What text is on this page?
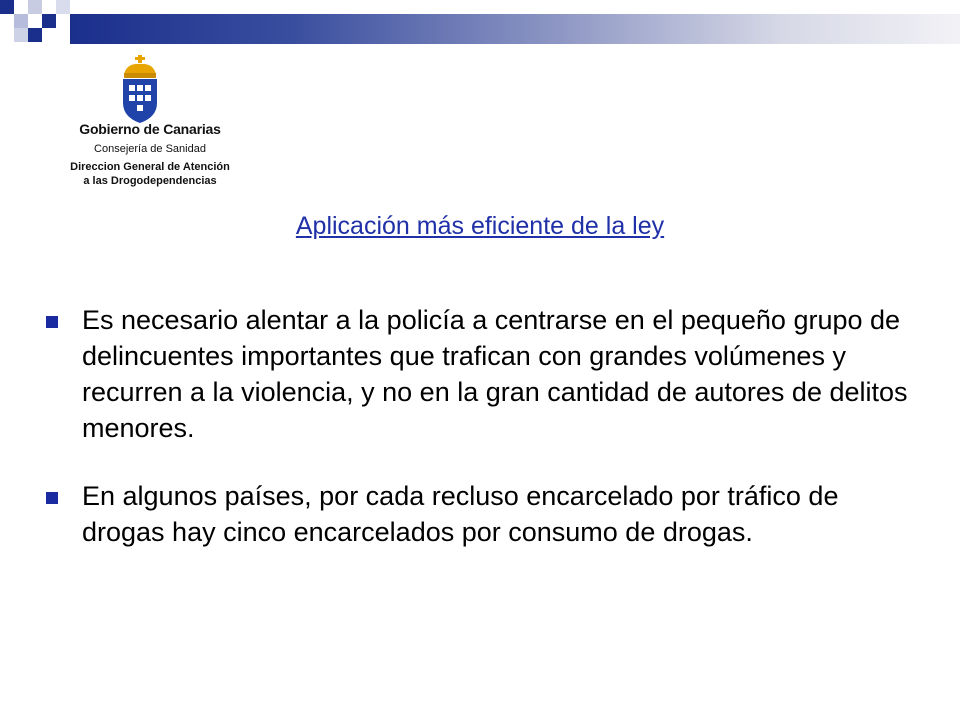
Gobierno de Canarias
Consejería de Sanidad
Direccion General de Atención
a las Drogodependencias
Aplicación más eficiente de la ley
Es necesario alentar a la policía a centrarse en el pequeño grupo de delincuentes importantes que trafican con grandes volúmenes y recurren a la violencia, y no en la gran cantidad de autores de delitos menores.
En algunos países, por cada recluso encarcelado por tráfico de drogas hay cinco encarcelados por consumo de drogas.
